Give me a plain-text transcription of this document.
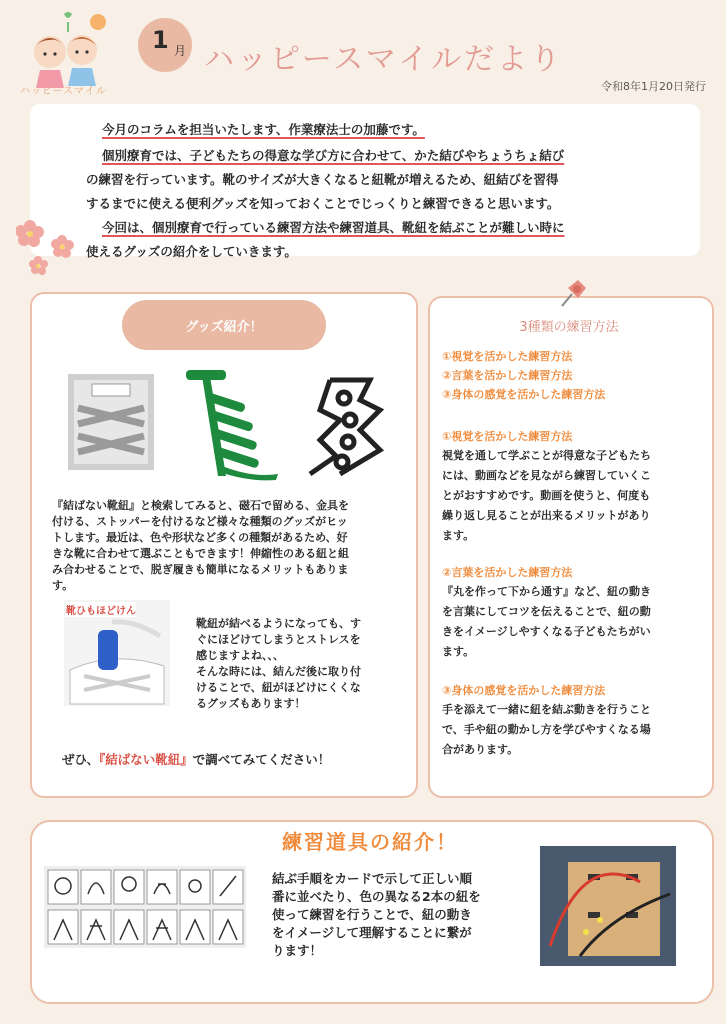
ハッピースマイル
1 月 ハッピースマイルだより
令和8年1月20日発行
今月のコラムを担当いたします、作業療法士の加藤です。
個別療育では、子どもたちの得意な学び方に合わせて、かた結びやちょうちょ結び
の練習を行っています。靴のサイズが大きくなると紐靴が増えるため、紐結びを習得
するまでに使える便利グッズを知っておくことでじっくりと練習できると思います。
今回は、個別療育で行っている練習方法や練習道具、靴紐を結ぶことが難しい時に
使えるグッズの紹介をしていきます。
グッズ紹介！
『結ばない靴紐』と検索してみると、磁石で留める、金具を
付ける、ストッパーを付けるなど様々な種類のグッズがヒッ
トします。最近は、色や形状など多くの種類があるため、好
きな靴に合わせて選ぶこともできます！伸縮性のある紐と組
み合わせることで、脱ぎ履きも簡単になるメリットもありま
す。
靴ひもほどけん
靴紐が結べるようになっても、す
ぐにほどけてしまうとストレスを
感じますよね、、、
そんな時には、結んだ後に取り付
けることで、紐がほどけにくくな
るグッズもあります！
ぜひ、『結ばない靴紐』で調べてみてください！
3種類の練習方法
①視覚を活かした練習方法
②言葉を活かした練習方法
③身体の感覚を活かした練習方法
①視覚を活かした練習方法
視覚を通して学ぶことが得意な子どもたち
には、動画などを見ながら練習していくこ
とがおすすめです。動画を使うと、何度も
繰り返し見ることが出来るメリットがあり
ます。
②言葉を活かした練習方法
『丸を作って下から通す』など、紐の動き
を言葉にしてコツを伝えることで、紐の動
きをイメージしやすくなる子どもたちがい
ます。
③身体の感覚を活かした練習方法
手を添えて一緒に紐を結ぶ動きを行うこと
で、手や紐の動かし方を学びやすくなる場
合があります。
練習道具の紹介！
結ぶ手順をカードで示して正しい順
番に並べたり、色の異なる2本の紐を
使って練習を行うことで、紐の動き
をイメージして理解することに繋が
ります！
